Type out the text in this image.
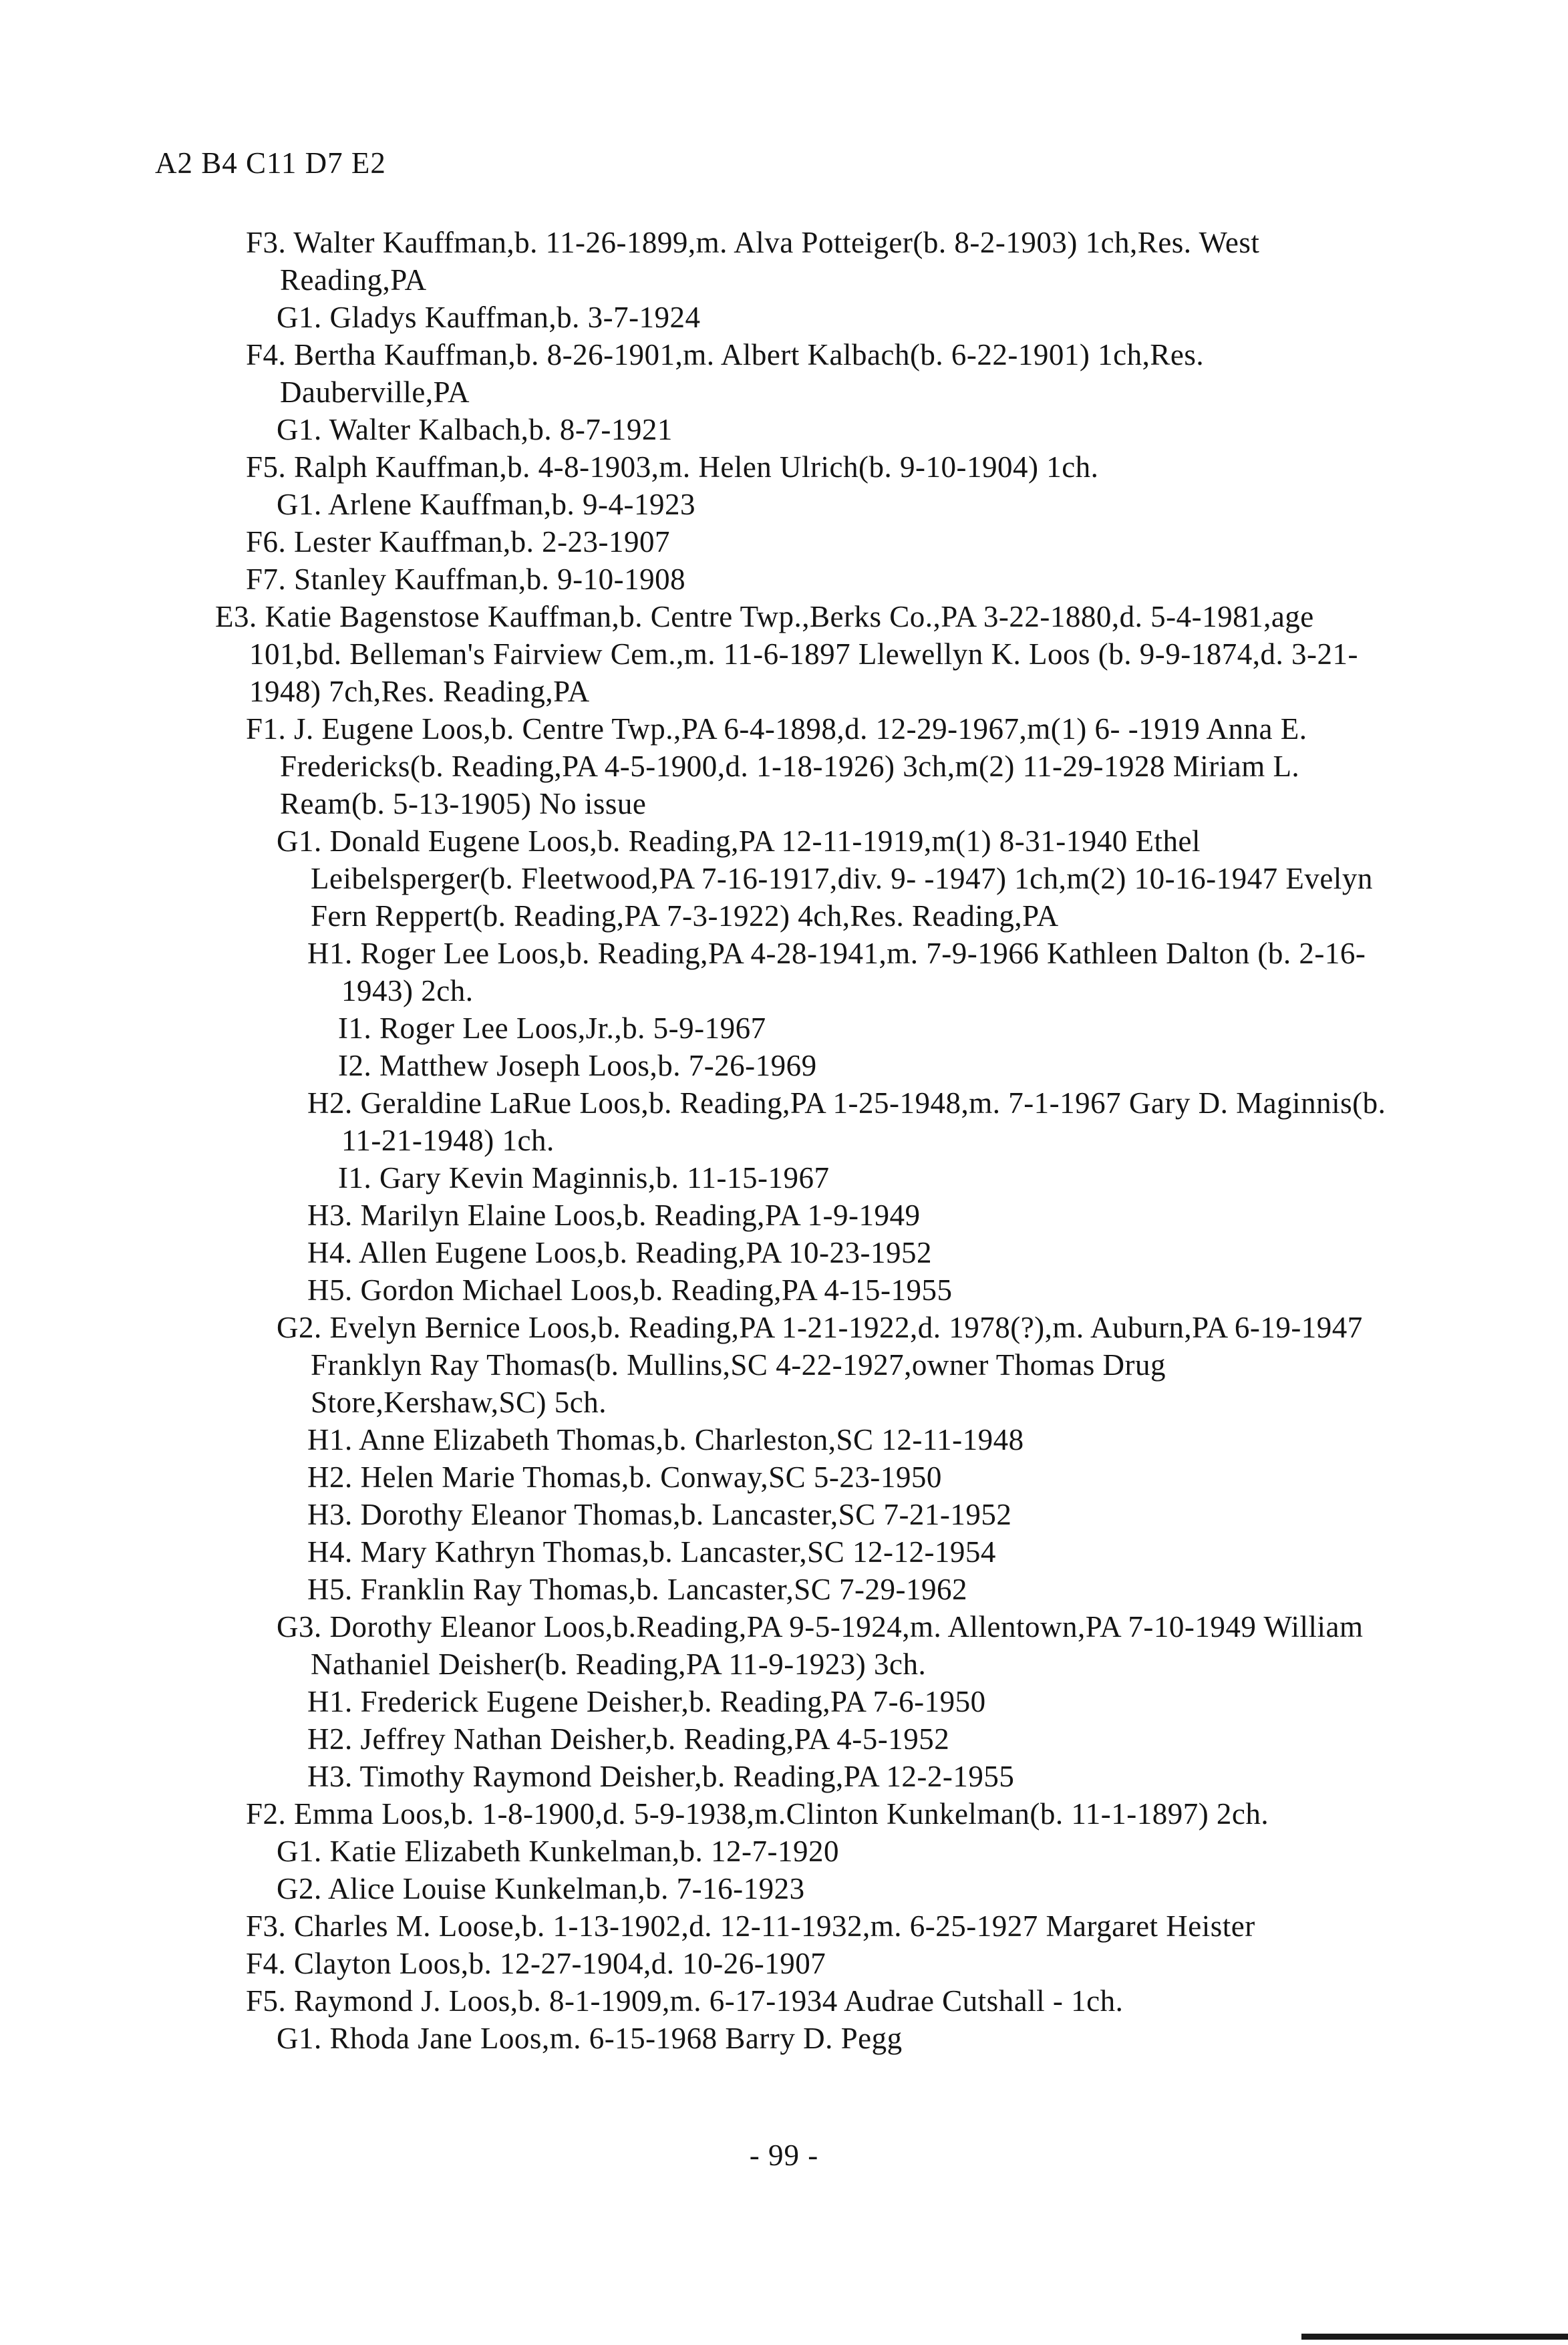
A2 B4 C11 D7 E2
F3. Walter Kauffman,b. 11-26-1899,m. Alva Potteiger(b. 8-2-1903) 1ch,Res. West Reading,PA
G1. Gladys Kauffman,b. 3-7-1924
F4. Bertha Kauffman,b. 8-26-1901,m. Albert Kalbach(b. 6-22-1901) 1ch,Res. Dauberville,PA
G1. Walter Kalbach,b. 8-7-1921
F5. Ralph Kauffman,b. 4-8-1903,m. Helen Ulrich(b. 9-10-1904) 1ch.
G1. Arlene Kauffman,b. 9-4-1923
F6. Lester Kauffman,b. 2-23-1907
F7. Stanley Kauffman,b. 9-10-1908
E3. Katie Bagenstose Kauffman,b. Centre Twp.,Berks Co.,PA 3-22-1880,d. 5-4-1981,age 101,bd. Belleman's Fairview Cem.,m. 11-6-1897 Llewellyn K. Loos (b. 9-9-1874,d. 3-21-1948) 7ch,Res. Reading,PA
F1. J. Eugene Loos,b. Centre Twp.,PA 6-4-1898,d. 12-29-1967,m(1) 6- -1919 Anna E. Fredericks(b. Reading,PA 4-5-1900,d. 1-18-1926) 3ch,m(2) 11-29-1928 Miriam L. Ream(b. 5-13-1905) No issue
G1. Donald Eugene Loos,b. Reading,PA 12-11-1919,m(1) 8-31-1940 Ethel Leibelsperger(b. Fleetwood,PA 7-16-1917,div. 9- -1947) 1ch,m(2) 10-16-1947 Evelyn Fern Reppert(b. Reading,PA 7-3-1922) 4ch,Res. Reading,PA
H1. Roger Lee Loos,b. Reading,PA 4-28-1941,m. 7-9-1966 Kathleen Dalton (b. 2-16-1943) 2ch.
I1. Roger Lee Loos,Jr.,b. 5-9-1967
I2. Matthew Joseph Loos,b. 7-26-1969
H2. Geraldine LaRue Loos,b. Reading,PA 1-25-1948,m. 7-1-1967 Gary D. Maginnis(b. 11-21-1948) 1ch.
I1. Gary Kevin Maginnis,b. 11-15-1967
H3. Marilyn Elaine Loos,b. Reading,PA 1-9-1949
H4. Allen Eugene Loos,b. Reading,PA 10-23-1952
H5. Gordon Michael Loos,b. Reading,PA 4-15-1955
G2. Evelyn Bernice Loos,b. Reading,PA 1-21-1922,d. 1978(?),m. Auburn,PA 6-19-1947 Franklyn Ray Thomas(b. Mullins,SC 4-22-1927,owner Thomas Drug Store,Kershaw,SC) 5ch.
H1. Anne Elizabeth Thomas,b. Charleston,SC 12-11-1948
H2. Helen Marie Thomas,b. Conway,SC 5-23-1950
H3. Dorothy Eleanor Thomas,b. Lancaster,SC 7-21-1952
H4. Mary Kathryn Thomas,b. Lancaster,SC 12-12-1954
H5. Franklin Ray Thomas,b. Lancaster,SC 7-29-1962
G3. Dorothy Eleanor Loos,b.Reading,PA 9-5-1924,m. Allentown,PA 7-10-1949 William Nathaniel Deisher(b. Reading,PA 11-9-1923) 3ch.
H1. Frederick Eugene Deisher,b. Reading,PA 7-6-1950
H2. Jeffrey Nathan Deisher,b. Reading,PA 4-5-1952
H3. Timothy Raymond Deisher,b. Reading,PA 12-2-1955
F2. Emma Loos,b. 1-8-1900,d. 5-9-1938,m.Clinton Kunkelman(b. 11-1-1897) 2ch.
G1. Katie Elizabeth Kunkelman,b. 12-7-1920
G2. Alice Louise Kunkelman,b. 7-16-1923
F3. Charles M. Loose,b. 1-13-1902,d. 12-11-1932,m. 6-25-1927 Margaret Heister
F4. Clayton Loos,b. 12-27-1904,d. 10-26-1907
F5. Raymond J. Loos,b. 8-1-1909,m. 6-17-1934 Audrae Cutshall - 1ch.
G1. Rhoda Jane Loos,m. 6-15-1968 Barry D. Pegg
- 99 -
